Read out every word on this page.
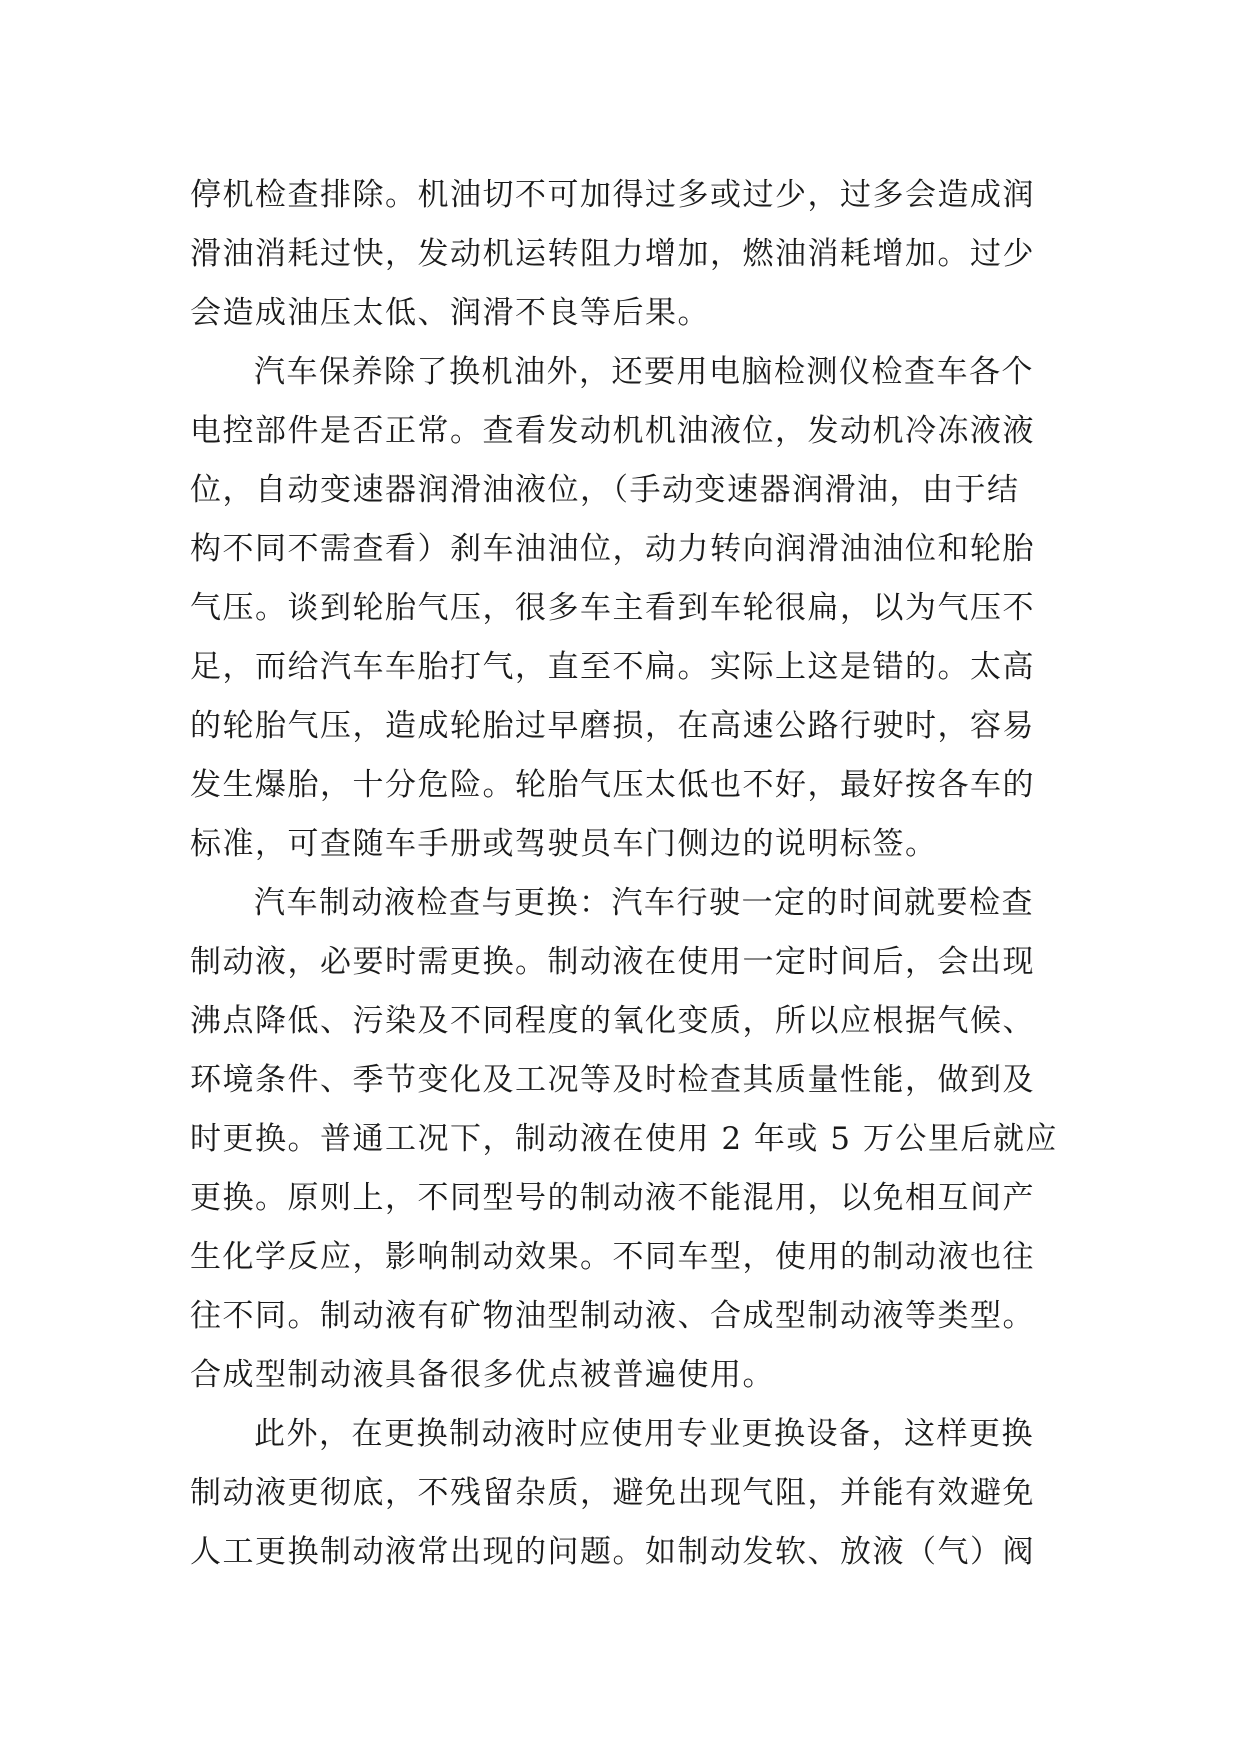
停机检查排除。机油切不可加得过多或过少，过多会造成润
滑油消耗过快，发动机运转阻力增加，燃油消耗增加。过少
会造成油压太低、润滑不良等后果。
汽车保养除了换机油外，还要用电脑检测仪检查车各个
电控部件是否正常。查看发动机机油液位，发动机冷冻液液
位，自动变速器润滑油液位，（手动变速器润滑油，由于结
构不同不需查看）刹车油油位，动力转向润滑油油位和轮胎
气压。谈到轮胎气压，很多车主看到车轮很扁，以为气压不
足，而给汽车车胎打气，直至不扁。实际上这是错的。太高
的轮胎气压，造成轮胎过早磨损，在高速公路行驶时，容易
发生爆胎，十分危险。轮胎气压太低也不好，最好按各车的
标准，可查随车手册或驾驶员车门侧边的说明标签。
汽车制动液检查与更换：汽车行驶一定的时间就要检查
制动液，必要时需更换。制动液在使用一定时间后，会出现
沸点降低、污染及不同程度的氧化变质，所以应根据气候、
环境条件、季节变化及工况等及时检查其质量性能，做到及
时更换。普通工况下，制动液在使用 2 年或 5 万公里后就应
更换。原则上，不同型号的制动液不能混用，以免相互间产
生化学反应，影响制动效果。不同车型，使用的制动液也往
往不同。制动液有矿物油型制动液、合成型制动液等类型。
合成型制动液具备很多优点被普遍使用。
此外，在更换制动液时应使用专业更换设备，这样更换
制动液更彻底，不残留杂质，避免出现气阻，并能有效避免
人工更换制动液常出现的问题。如制动发软、放液（气）阀
